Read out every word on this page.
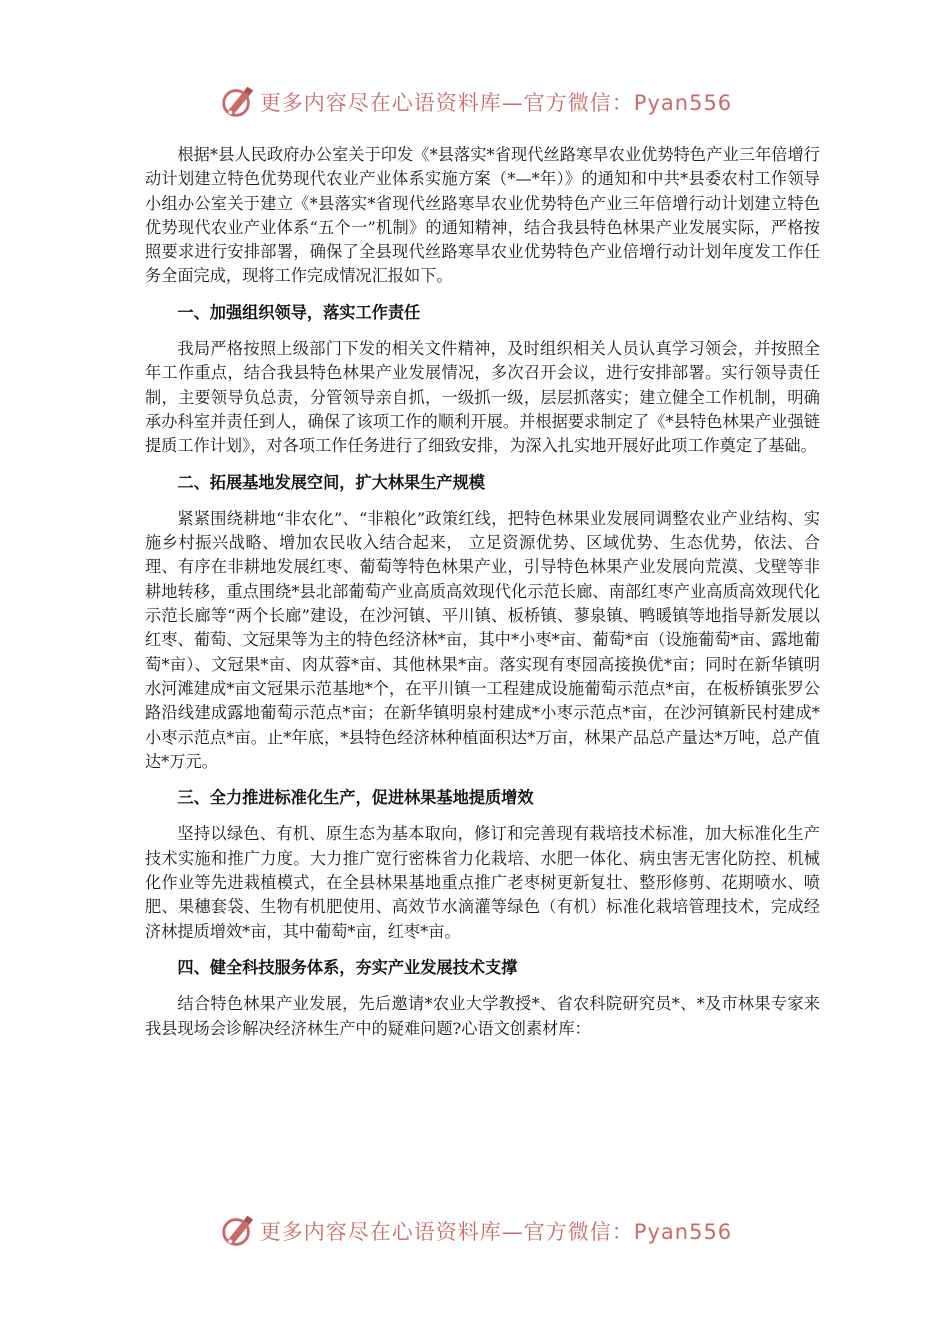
更多内容尽在心语资料库—官方微信：Pyan556

根据*县人民政府办公室关于印发《*县落实*省现代丝路寒旱农业优势特色产业三年倍增行动计划建立特色优势现代农业产业体系实施方案（*—*年）》的通知和中共*县委农村工作领导小组办公室关于建立《*县落实*省现代丝路寒旱农业优势特色产业三年倍增行动计划建立特色优势现代农业产业体系“五个一”机制》的通知精神，结合我县特色林果产业发展实际，严格按照要求进行安排部署，确保了全县现代丝路寒旱农业优势特色产业倍增行动计划年度发工作任务全面完成，现将工作完成情况汇报如下。

一、加强组织领导，落实工作责任

我局严格按照上级部门下发的相关文件精神，及时组织相关人员认真学习领会，并按照全年工作重点，结合我县特色林果产业发展情况，多次召开会议，进行安排部署。实行领导责任制，主要领导负总责，分管领导亲自抓，一级抓一级，层层抓落实；建立健全工作机制，明确承办科室并责任到人，确保了该项工作的顺利开展。并根据要求制定了《*县特色林果产业强链提质工作计划》，对各项工作任务进行了细致安排，为深入扎实地开展好此项工作奠定了基础。

二、拓展基地发展空间，扩大林果生产规模

紧紧围绕耕地“非农化”、“非粮化”政策红线，把特色林果业发展同调整农业产业结构、实施乡村振兴战略、增加农民收入结合起来， 立足资源优势、区域优势、生态优势，依法、合理、有序在非耕地发展红枣、葡萄等特色林果产业，引导特色林果产业发展向荒漠、戈壁等非耕地转移，重点围绕*县北部葡萄产业高质高效现代化示范长廊、南部红枣产业高质高效现代化示范长廊等“两个长廊”建设，在沙河镇、平川镇、板桥镇、蓼泉镇、鸭暖镇等地指导新发展以红枣、葡萄、文冠果等为主的特色经济林*亩，其中*小枣*亩、葡萄*亩（设施葡萄*亩、露地葡萄*亩）、文冠果*亩、肉苁蓉*亩、其他林果*亩。落实现有枣园高接换优*亩；同时在新华镇明水河滩建成*亩文冠果示范基地*个，在平川镇一工程建成设施葡萄示范点*亩，在板桥镇张罗公路沿线建成露地葡萄示范点*亩；在新华镇明泉村建成*小枣示范点*亩，在沙河镇新民村建成*小枣示范点*亩。止*年底，*县特色经济林种植面积达*万亩，林果产品总产量达*万吨，总产值达*万元。

三、全力推进标准化生产，促进林果基地提质增效

坚持以绿色、有机、原生态为基本取向，修订和完善现有栽培技术标准，加大标准化生产技术实施和推广力度。大力推广宽行密株省力化栽培、水肥一体化、病虫害无害化防控、机械化作业等先进栽植模式，在全县林果基地重点推广老枣树更新复壮、整形修剪、花期喷水、喷肥、果穗套袋、生物有机肥使用、高效节水滴灌等绿色（有机）标准化栽培管理技术，完成经济林提质增效*亩，其中葡萄*亩，红枣*亩。

四、健全科技服务体系，夯实产业发展技术支撑

结合特色林果产业发展，先后邀请*农业大学教授*、省农科院研究员*、*及市林果专家来我县现场会诊解决经济林生产中的疑难问题?心语文创素材库：

更多内容尽在心语资料库—官方微信：Pyan556
